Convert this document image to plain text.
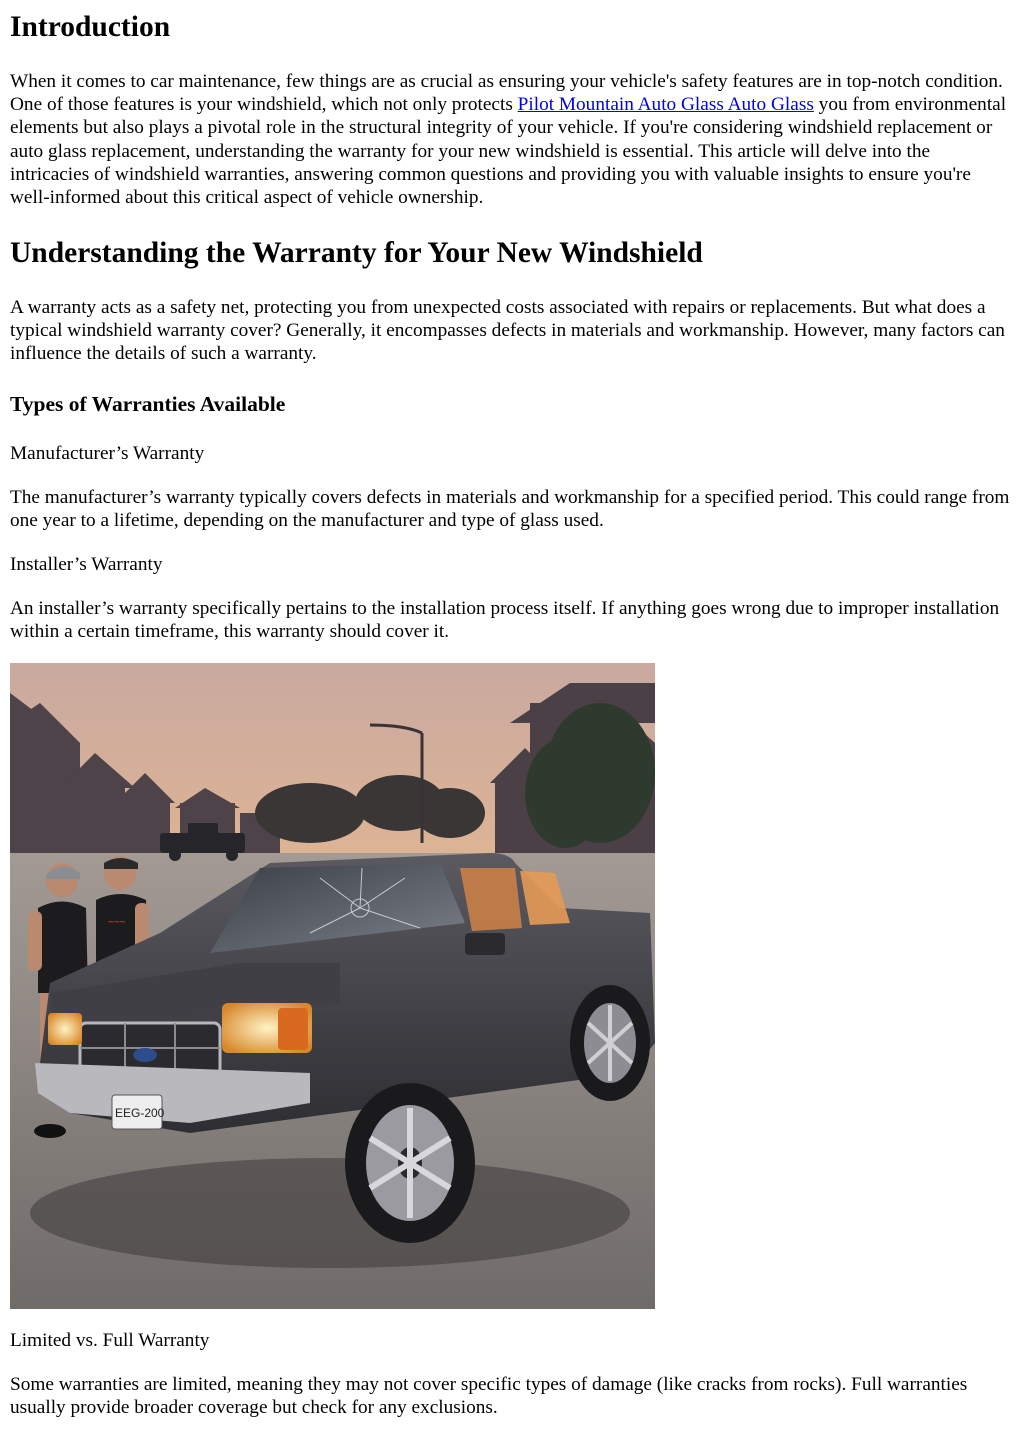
Introduction

When it comes to car maintenance, few things are as crucial as ensuring your vehicle's safety features are in top-notch condition. One of those features is your windshield, which not only protects Pilot Mountain Auto Glass Auto Glass you from environmental elements but also plays a pivotal role in the structural integrity of your vehicle. If you're considering windshield replacement or auto glass replacement, understanding the warranty for your new windshield is essential. This article will delve into the intricacies of windshield warranties, answering common questions and providing you with valuable insights to ensure you're well-informed about this critical aspect of vehicle ownership.

Understanding the Warranty for Your New Windshield

A warranty acts as a safety net, protecting you from unexpected costs associated with repairs or replacements. But what does a typical windshield warranty cover? Generally, it encompasses defects in materials and workmanship. However, many factors can influence the details of such a warranty.

Types of Warranties Available

Manufacturer’s Warranty

The manufacturer’s warranty typically covers defects in materials and workmanship for a specified period. This could range from one year to a lifetime, depending on the manufacturer and type of glass used.

Installer’s Warranty

An installer’s warranty specifically pertains to the installation process itself. If anything goes wrong due to improper installation within a certain timeframe, this warranty should cover it.

~~~
EEG-200

Limited vs. Full Warranty

Some warranties are limited, meaning they may not cover specific types of damage (like cracks from rocks). Full warranties usually provide broader coverage but check for any exclusions.
